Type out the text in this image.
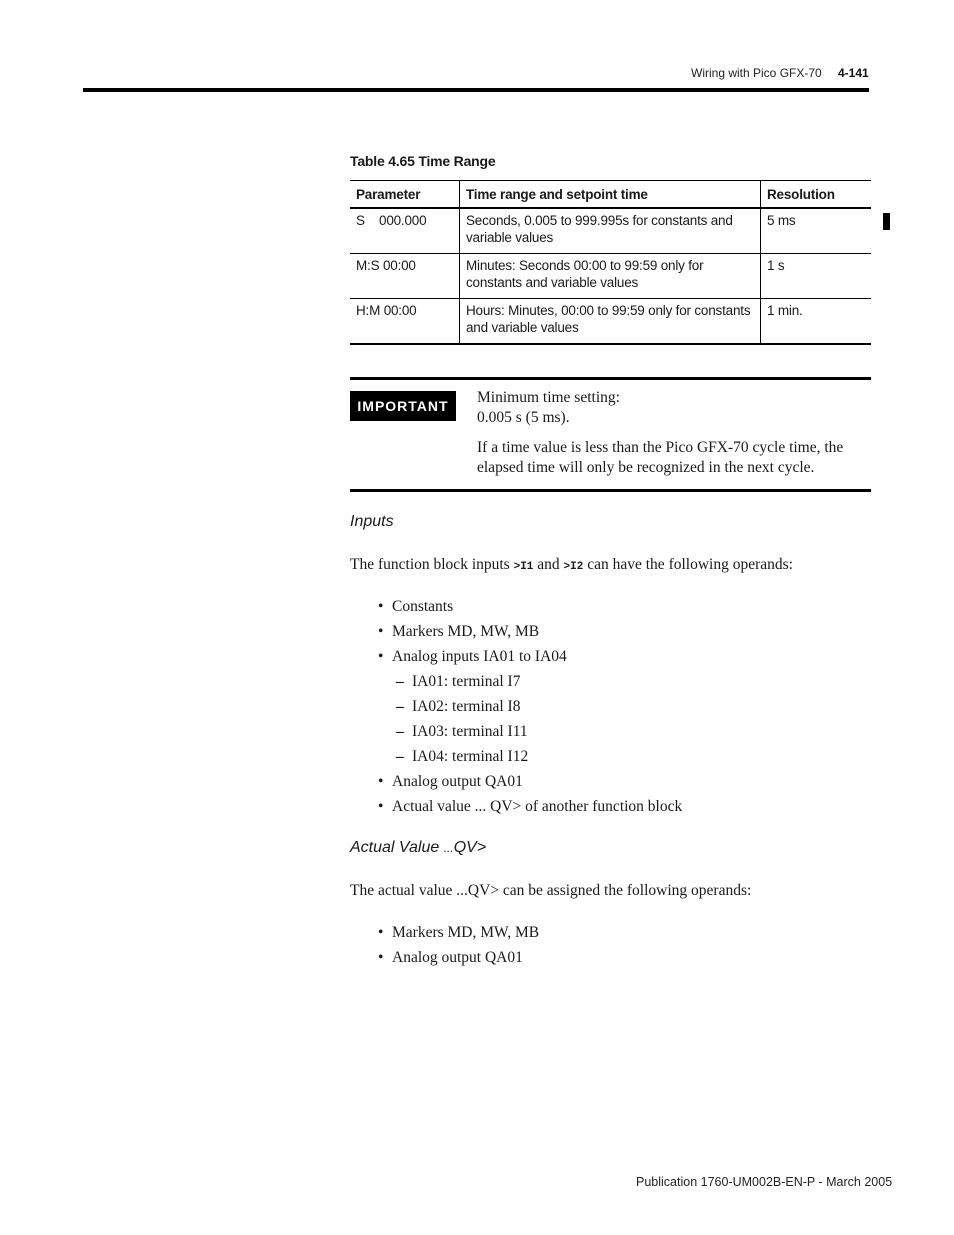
Wiring with Pico GFX-70 4-141
Table 4.65 Time Range
Parameter	Time range and setpoint time	Resolution
S    000.000	Seconds, 0.005 to 999.995s for constants and variable values	5 ms
M:S 00:00	Minutes: Seconds 00:00 to 99:59 only for constants and variable values	1 s
H:M 00:00	Hours: Minutes, 00:00 to 99:59 only for constants and variable values	1 min.
IMPORTANT	Minimum time setting:
0.005 s (5 ms).
If a time value is less than the Pico GFX-70 cycle time, the elapsed time will only be recognized in the next cycle.
Inputs
The function block inputs >I1 and >I2 can have the following operands:
• Constants
• Markers MD, MW, MB
• Analog inputs IA01 to IA04
– IA01: terminal I7
– IA02: terminal I8
– IA03: terminal I11
– IA04: terminal I12
• Analog output QA01
• Actual value ... QV> of another function block
Actual Value ...QV>
The actual value ...QV> can be assigned the following operands:
• Markers MD, MW, MB
• Analog output QA01
Publication 1760-UM002B-EN-P - March 2005
